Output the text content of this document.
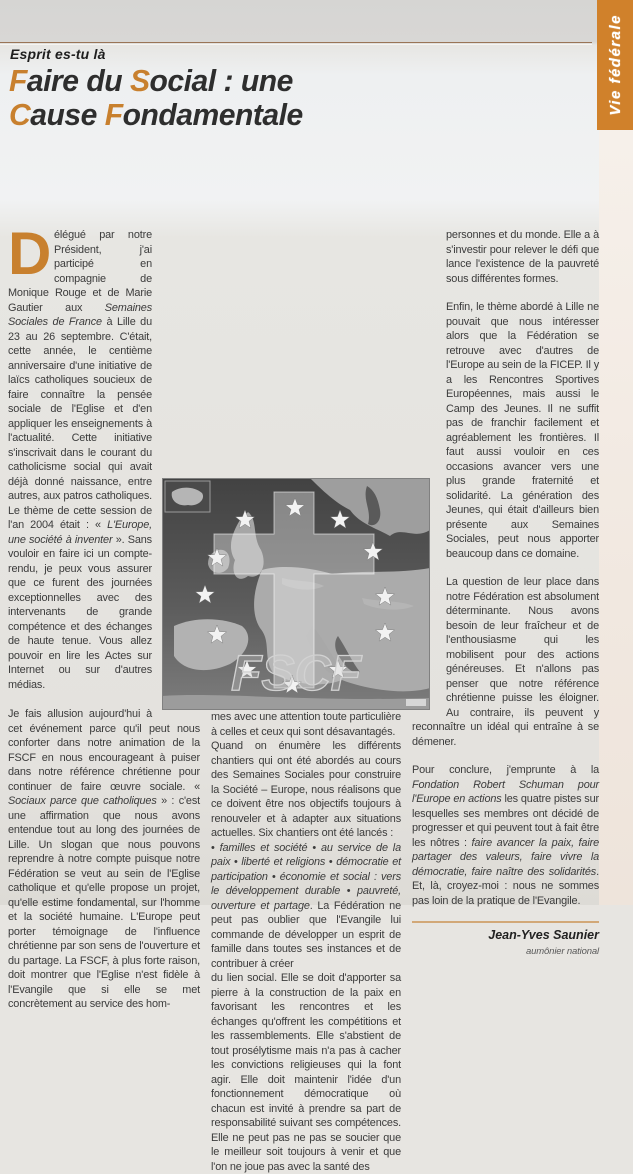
Esprit es-tu là
Faire du Social : une
Cause Fondamentale	Vie fédérale

Délégué par notre Président, j'ai participé en compagnie de Monique Rouge et de Marie Gautier aux Semaines Sociales de France à Lille du 23 au 26 septembre. C'était, cette année, le centième anniversaire d'une initiative de laïcs catholiques soucieux de faire connaître la pensée sociale de l'Eglise et d'en appliquer les enseignements à l'actualité. Cette initiative s'inscrivait dans le courant du catholicisme social qui avait déjà donné naissance, entre autres, aux patros catholiques. Le thème de cette session de l'an 2004 était : « L'Europe, une société à inventer ». Sans vouloir en faire ici un compte-rendu, je peux vous assurer que ce furent des journées exceptionnelles avec des intervenants de grande compétence et des échanges de haute tenue. Vous allez pouvoir en lire les Actes sur Internet ou sur d'autres médias.

Je fais allusion aujourd'hui à cet événement parce qu'il peut nous conforter dans notre animation de la FSCF en nous encourageant à puiser dans notre référence chrétienne pour continuer de faire œuvre sociale. « Sociaux parce que catholiques » : c'est une affirmation que nous avons entendue tout au long des journées de Lille. Un slogan que nous pouvons reprendre à notre compte puisque notre Fédération se veut au sein de l'Eglise catholique et qu'elle propose un projet, qu'elle estime fondamental, sur l'homme et la société humaine. L'Europe peut porter témoignage de l'influence chrétienne par son sens de l'ouverture et du partage. La FSCF, à plus forte raison, doit montrer que l'Eglise n'est fidèle à l'Evangile que si elle se met concrètement au service des hom-

mes avec une attention toute particulière à celles et ceux qui sont désavantagés.

Quand on énumère les différents chantiers qui ont été abordés au cours des Semaines Sociales pour construire la Société – Europe, nous réalisons que ce doivent être nos objectifs toujours à renouveler et à adapter aux situations actuelles. Six chantiers ont été lancés :

• familles et société • au service de la paix • liberté et religions • démocratie et participation • économie et social : vers le développement durable • pauvreté, ouverture et partage. La Fédération ne peut pas oublier que l'Evangile lui commande de développer un esprit de famille dans toutes ses instances et de contribuer à créer

du lien social. Elle se doit d'apporter sa pierre à la construction de la paix en favorisant les rencontres et les échanges qu'offrent les compétitions et les rassemblements. Elle s'abstient de tout prosélytisme mais n'a pas à cacher les convictions religieuses qui la font agir. Elle doit maintenir l'idée d'un fonctionnement démocratique où chacun est invité à prendre sa part de responsabilité suivant ses compétences. Elle ne peut pas ne pas se soucier que le meilleur soit toujours à venir et que l'on ne joue pas avec la santé des

personnes et du monde. Elle a à s'investir pour relever le défi que lance l'existence de la pauvreté sous différentes formes.

Enfin, le thème abordé à Lille ne pouvait que nous intéresser alors que la Fédération se retrouve avec d'autres de l'Europe au sein de la FICEP. Il y a les Rencontres Sportives Européennes, mais aussi le Camp des Jeunes. Il ne suffit pas de franchir facilement et agréablement les frontières. Il faut aussi vouloir en ces occasions avancer vers une plus grande fraternité et solidarité. La génération des Jeunes, qui était d'ailleurs bien présente aux Semaines Sociales, peut nous apporter beaucoup dans ce domaine.

La question de leur place dans notre Fédération est absolument déterminante. Nous avons besoin de leur fraîcheur et de l'enthousiasme qui les mobilisent pour des actions généreuses. Et n'allons pas penser que notre référence chrétienne puisse les éloigner. Au contraire, ils peuvent y reconnaître un idéal qui entraîne à se démener.

Pour conclure, j'emprunte à la Fondation Robert Schuman pour l'Europe en actions les quatre pistes sur lesquelles ses membres ont décidé de progresser et qui peuvent tout à fait être les nôtres : faire avancer la paix, faire partager des valeurs, faire vivre la démocratie, faire naître des solidarités. Et, là, croyez-moi : nous ne sommes pas loin de la pratique de l'Evangile.

Jean-Yves Saunier
aumônier national
FSCF
